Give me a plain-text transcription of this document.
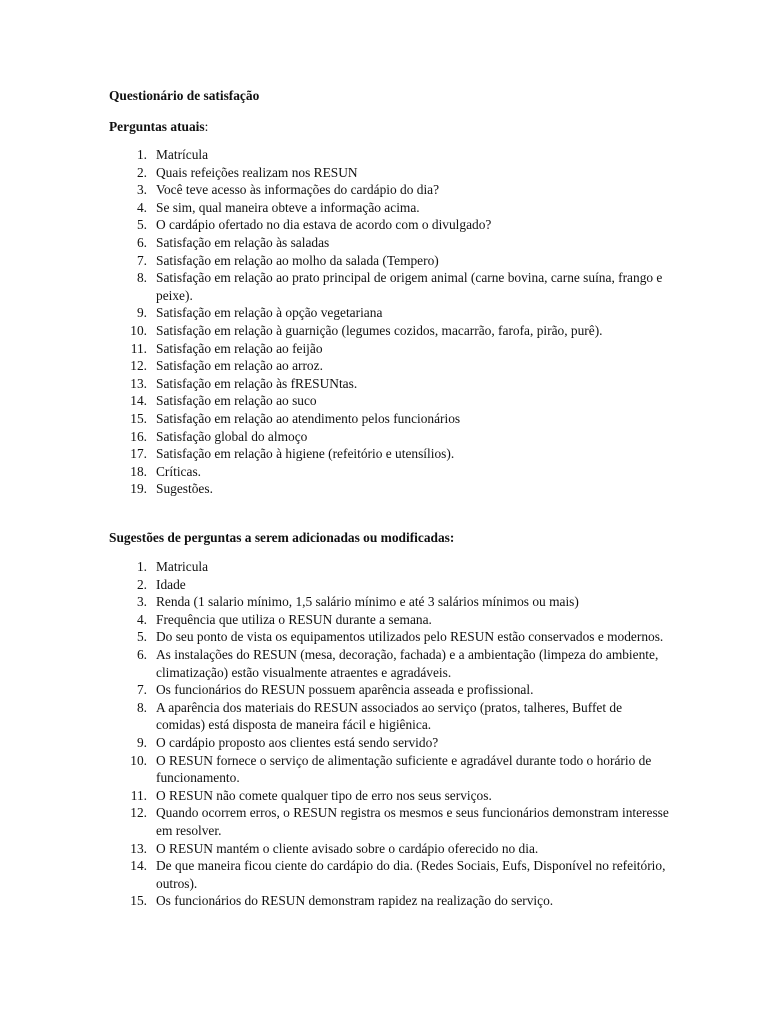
Questionário de satisfação
Perguntas atuais:
1. Matrícula
2. Quais refeições realizam nos RESUN
3. Você teve acesso às informações do cardápio do dia?
4. Se sim, qual maneira obteve a informação acima.
5. O cardápio ofertado no dia estava de acordo com o divulgado?
6. Satisfação em relação às saladas
7. Satisfação em relação ao molho da salada (Tempero)
8. Satisfação em relação ao prato principal de origem animal (carne bovina, carne suína, frango e peixe).
9. Satisfação em relação à opção vegetariana
10. Satisfação em relação à guarnição (legumes cozidos, macarrão, farofa, pirão, purê).
11. Satisfação em relação ao feijão
12. Satisfação em relação ao arroz.
13. Satisfação em relação às fRESUNtas.
14. Satisfação em relação ao suco
15. Satisfação em relação ao atendimento pelos funcionários
16. Satisfação global do almoço
17. Satisfação em relação à higiene (refeitório e utensílios).
18. Críticas.
19. Sugestões.
Sugestões de perguntas a serem adicionadas ou modificadas:
1. Matricula
2. Idade
3. Renda (1 salario mínimo, 1,5 salário mínimo e até 3 salários mínimos ou mais)
4. Frequência que utiliza o RESUN durante a semana.
5. Do seu ponto de vista os equipamentos utilizados pelo RESUN estão conservados e modernos.
6. As instalações do RESUN (mesa, decoração, fachada) e a ambientação (limpeza do ambiente, climatização) estão visualmente atraentes e agradáveis.
7. Os funcionários do RESUN possuem aparência asseada e profissional.
8. A aparência dos materiais do RESUN associados ao serviço (pratos, talheres, Buffet de comidas) está disposta de maneira fácil e higiênica.
9. O cardápio proposto aos clientes está sendo servido?
10. O RESUN fornece o serviço de alimentação suficiente e agradável durante todo o horário de funcionamento.
11. O RESUN não comete qualquer tipo de erro nos seus serviços.
12. Quando ocorrem erros, o RESUN registra os mesmos e seus funcionários demonstram interesse em resolver.
13. O RESUN mantém o cliente avisado sobre o cardápio oferecido no dia.
14. De que maneira ficou ciente do cardápio do dia. (Redes Sociais, Eufs, Disponível no refeitório, outros).
15. Os funcionários do RESUN demonstram rapidez na realização do serviço.
